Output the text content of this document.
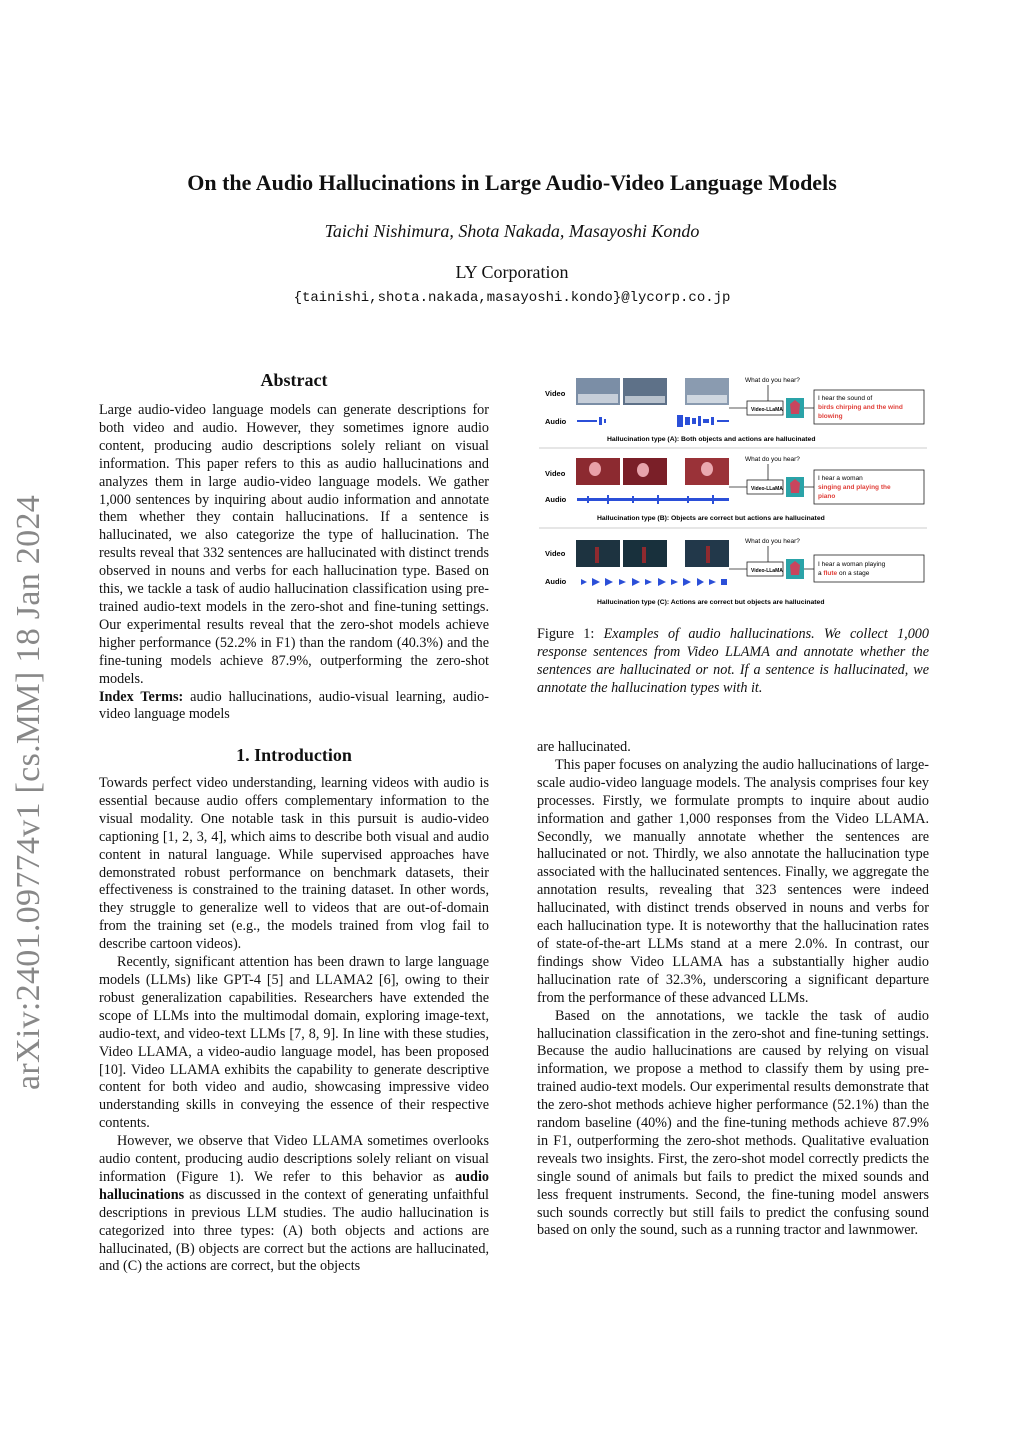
On the Audio Hallucinations in Large Audio-Video Language Models
Taichi Nishimura, Shota Nakada, Masayoshi Kondo
LY Corporation
{tainishi,shota.nakada,masayoshi.kondo}@lycorp.co.jp
arXiv:2401.09774v1 [cs.MM] 18 Jan 2024
Abstract

Large audio-video language models can generate descriptions for both video and audio. However, they sometimes ignore audio content, producing audio descriptions solely reliant on visual information. This paper refers to this as audio hallucinations and analyzes them in large audio-video language models. We gather 1,000 sentences by inquiring about audio information and annotate them whether they contain hallucinations. If a sentence is hallucinated, we also categorize the type of hallucination. The results reveal that 332 sentences are hallucinated with distinct trends observed in nouns and verbs for each hallucination type. Based on this, we tackle a task of audio hallucination classification using pre-trained audio-text models in the zero-shot and fine-tuning settings. Our experimental results reveal that the zero-shot models achieve higher performance (52.2% in F1) than the random (40.3%) and the fine-tuning models achieve 87.9%, outperforming the zero-shot models.

Index Terms: audio hallucinations, audio-visual learning, audio-video language models

1. Introduction

Towards perfect video understanding, learning videos with audio is essential because audio offers complementary information to the visual modality. One notable task in this pursuit is audio-video captioning [1, 2, 3, 4], which aims to describe both visual and audio content in natural language. While supervised approaches have demonstrated robust performance on benchmark datasets, their effectiveness is constrained to the training dataset. In other words, they struggle to generalize well to videos that are out-of-domain from the training set (e.g., the models trained from vlog fail to describe cartoon videos).

Recently, significant attention has been drawn to large language models (LLMs) like GPT-4 [5] and LLAMA2 [6], owing to their robust generalization capabilities. Researchers have extended the scope of LLMs into the multimodal domain, exploring image-text, audio-text, and video-text LLMs [7, 8, 9]. In line with these studies, Video LLAMA, a video-audio language model, has been proposed [10]. Video LLAMA exhibits the capability to generate descriptive content for both video and audio, showcasing impressive video understanding skills in conveying the essence of their respective contents.

However, we observe that Video LLAMA sometimes overlooks audio content, producing audio descriptions solely reliant on visual information (Figure 1). We refer to this behavior as audio hallucinations as discussed in the context of generating unfaithful descriptions in previous LLM studies. The audio hallucination is categorized into three types: (A) both objects and actions are hallucinated, (B) objects are correct but the actions are hallucinated, and (C) the actions are correct, but the objects

What do you hear?
Video
Audio
Video-LLaMA
I hear the sound of
birds chirping and the wind
blowing
Hallucination type (A): Both objects and actions are hallucinated
What do you hear?
Video
Audio
Video-LLaMA
I hear a woman
singing and playing the
piano
Hallucination type (B): Objects are correct but actions are hallucinated
What do you hear?
Video
Audio
Video-LLaMA
I hear a woman playing
a flute on a stage
Hallucination type (C): Actions are correct but objects are hallucinated
Figure 1: Examples of audio hallucinations. We collect 1,000 response sentences from Video LLAMA and annotate whether the sentences are hallucinated or not. If a sentence is hallucinated, we annotate the hallucination types with it.

are hallucinated.

This paper focuses on analyzing the audio hallucinations of large-scale audio-video language models. The analysis comprises four key processes. Firstly, we formulate prompts to inquire about audio information and gather 1,000 responses from the Video LLAMA. Secondly, we manually annotate whether the sentences are hallucinated or not. Thirdly, we also annotate the hallucination type associated with the hallucinated sentences. Finally, we aggregate the annotation results, revealing that 323 sentences were indeed hallucinated, with distinct trends observed in nouns and verbs for each hallucination type. It is noteworthy that the hallucination rates of state-of-the-art LLMs stand at a mere 2.0%. In contrast, our findings show Video LLAMA has a substantially higher audio hallucination rate of 32.3%, underscoring a significant departure from the performance of these advanced LLMs.

Based on the annotations, we tackle the task of audio hallucination classification in the zero-shot and fine-tuning settings. Because the audio hallucinations are caused by relying on visual information, we propose a method to classify them by using pre-trained audio-text models. Our experimental results demonstrate that the zero-shot methods achieve higher performance (52.1%) than the random baseline (40%) and the fine-tuning methods achieve 87.9% in F1, outperforming the zero-shot methods. Qualitative evaluation reveals two insights. First, the zero-shot model correctly predicts the single sound of animals but fails to predict the mixed sounds and less frequent instruments. Second, the fine-tuning model answers such sounds correctly but still fails to predict the confusing sound based on only the sound, such as a running tractor and lawnmower.
